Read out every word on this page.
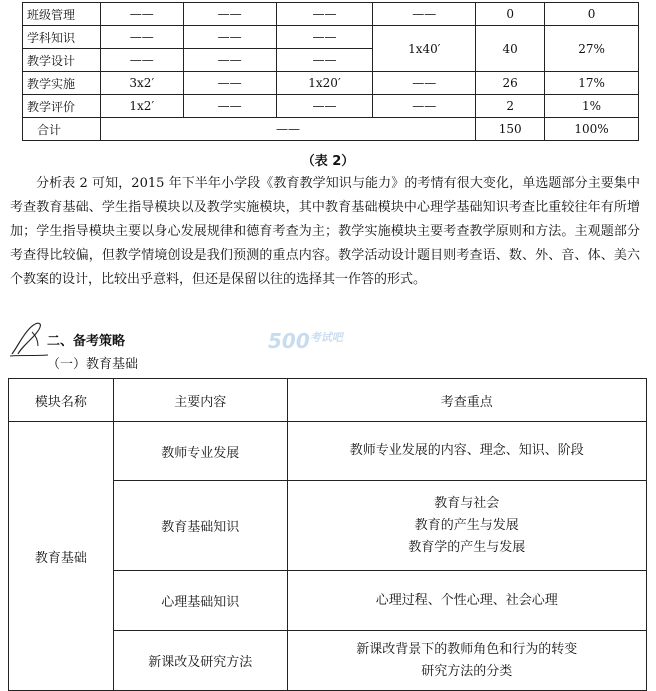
班级管理	——	——	——	——	0	0
学科知识	——	——	——	1x40′	40	27%
教学设计	——	——	——			
教学实施	3x2′	——	1x20′	——	26	17%
教学评价	1x2′	——	——	——	2	1%
合计	——				150	100%
（表 2）

分析表 2 可知，2015 年下半年小学段《教育教学知识与能力》的考情有很大变化，单选题部分主要集中考查教育基础、学生指导模块以及教学实施模块，其中教育基础模块中心理学基础知识考查比重较往年有所增加；学生指导模块主要以身心发展规律和德育考查为主；教学实施模块主要考查教学原则和方法。主观题部分考查得比较偏，但教学情境创设是我们预测的重点内容。教学活动设计题目则考查语、数、外、音、体、美六个教案的设计，比较出乎意料，但还是保留以往的选择其一作答的形式。

二、备考策略
（一）教育基础
$500^{考试吧}$
模块名称	主要内容	考查重点
教育基础	教师专业发展	教师专业发展的内容、理念、知识、阶段

	教育基础知识	教育与社会
教育的产生与发展
教育学的产生与发展

	心理基础知识	心理过程、个性心理、社会心理

	新课改及研究方法	新课改背景下的教师角色和行为的转变
研究方法的分类
